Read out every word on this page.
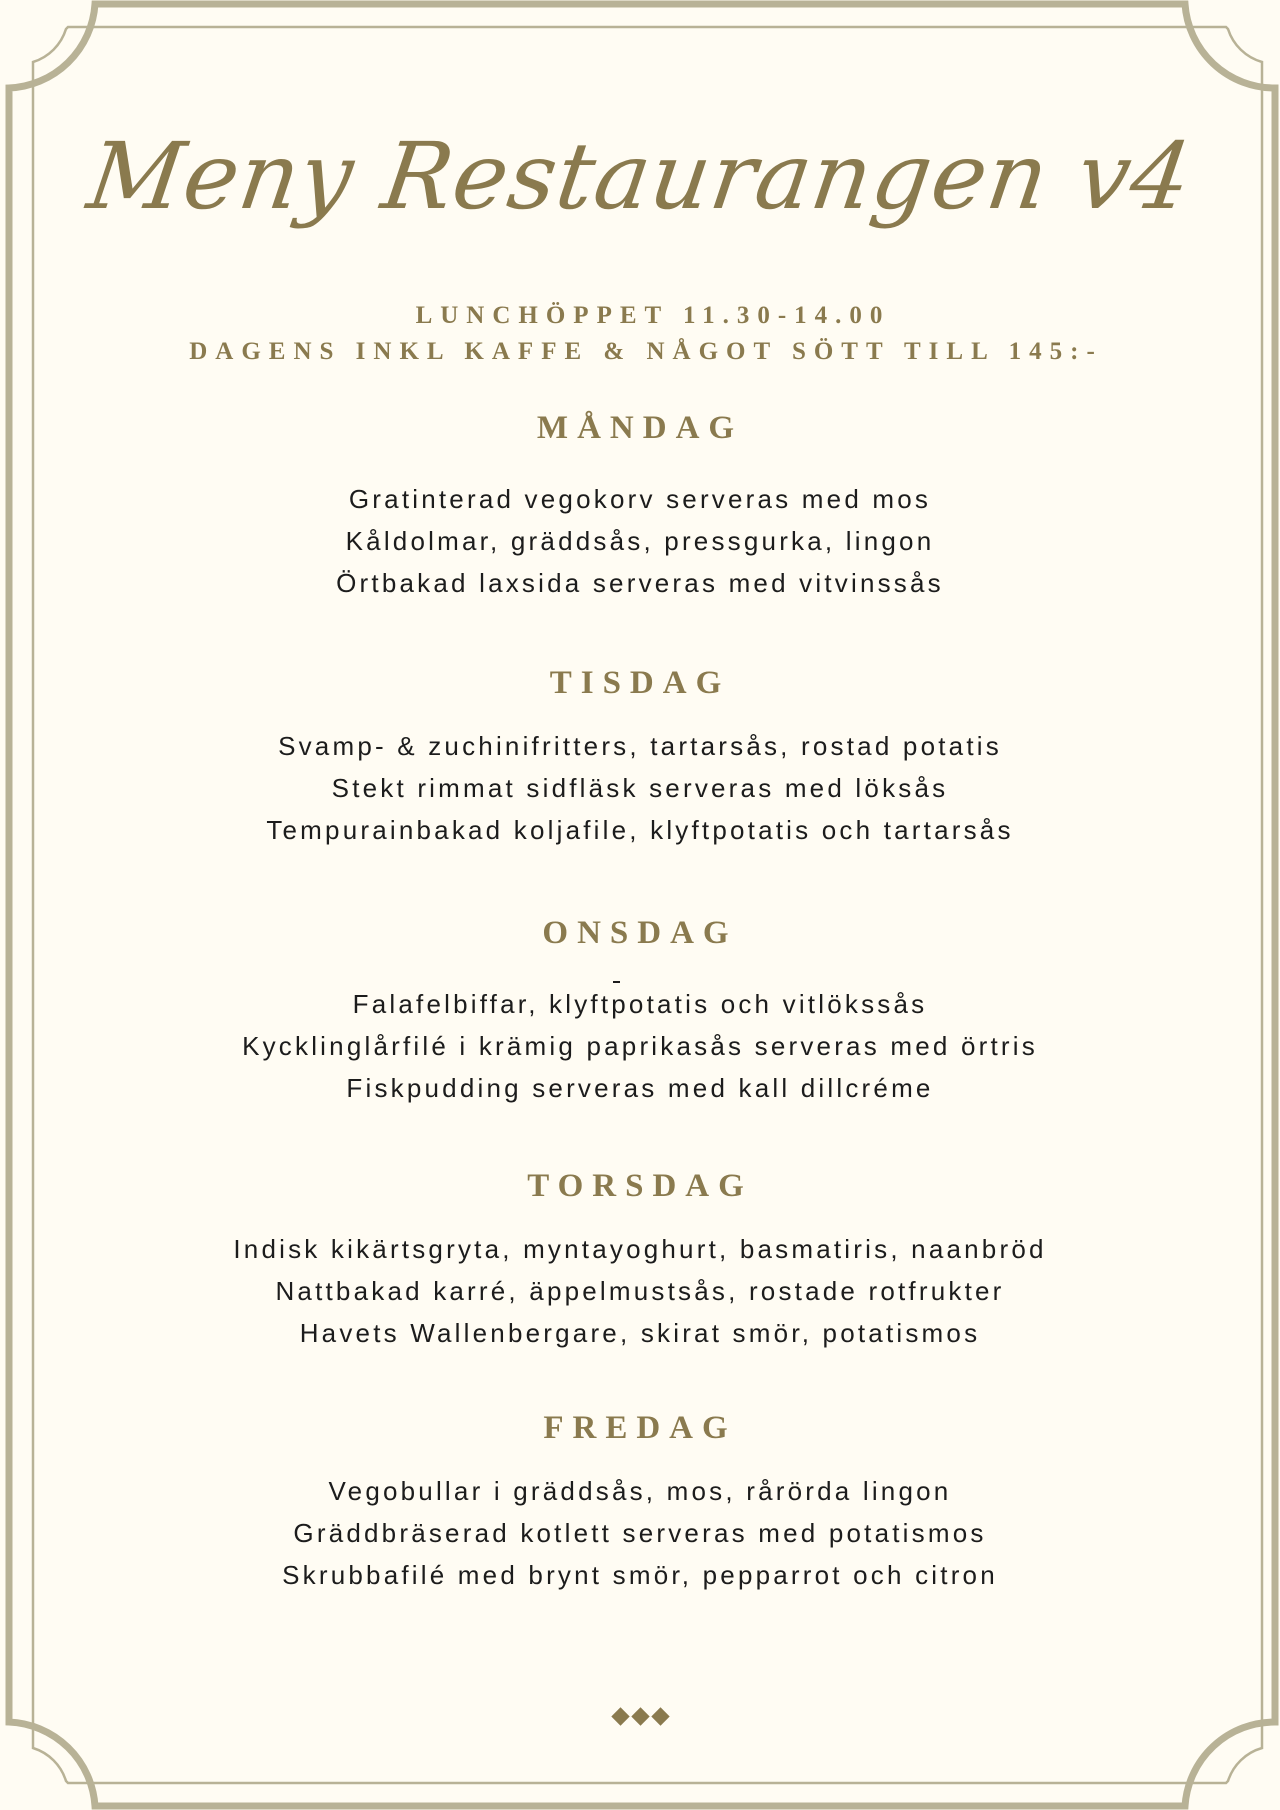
Meny Restaurangen v4
LUNCHÖPPET 11.30-14.00
DAGENS INKL KAFFE & NÅGOT SÖTT TILL 145:-
MÅNDAG
Gratinterad vegokorv serveras med mos
Kåldolmar, gräddsås, pressgurka, lingon
Örtbakad laxsida serveras med vitvinssås
TISDAG
Svamp- & zuchinifritters, tartarsås, rostad potatis
Stekt rimmat sidfläsk serveras med löksås
Tempurainbakad koljafile, klyftpotatis och tartarsås
ONSDAG
Falafelbiffar, klyftpotatis och vitlökssås
Kycklinglårfilé i krämig paprikasås serveras med örtris
Fiskpudding serveras med kall dillcréme
TORSDAG
Indisk kikärtsgryta, myntayoghurt, basmatiris, naanbröd
Nattbakad karré, äppelmustsås, rostade rotfrukter
Havets Wallenbergare, skirat smör, potatismos
FREDAG
Vegobullar i gräddsås, mos, rårörda lingon
Gräddbräserad kotlett serveras med potatismos
Skrubbafilé med brynt smör, pepparrot och citron
